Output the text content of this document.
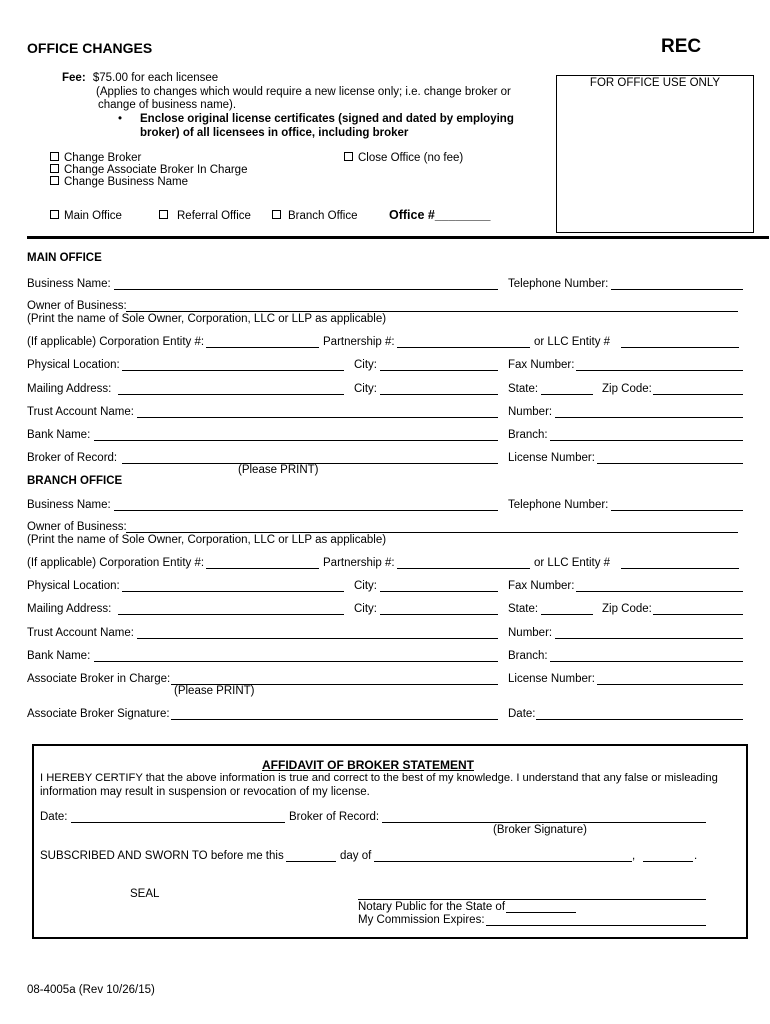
OFFICE CHANGES	REC
Fee: $75.00 for each licensee
(Applies to changes which would require a new license only; i.e. change broker or
change of business name).
• Enclose original license certificates (signed and dated by employing
broker) of all licensees in office, including broker
FOR OFFICE USE ONLY
Change Broker
Change Associate Broker In Charge
Change Business Name
Close Office (no fee)
Main Office	Referral Office	Branch Office	Office #________
MAIN OFFICE
Business Name:	Telephone Number:
Owner of Business:
(Print the name of Sole Owner, Corporation, LLC or LLP as applicable)
(If applicable) Corporation Entity #:	Partnership #:	or LLC Entity #
Physical Location:	City:	Fax Number:
Mailing Address:	City:	State:	Zip Code:
Trust Account Name:	Number:
Bank Name:	Branch:
Broker of Record:	License Number:
(Please PRINT)
BRANCH OFFICE
Business Name:	Telephone Number:
Owner of Business:
(Print the name of Sole Owner, Corporation, LLC or LLP as applicable)
(If applicable) Corporation Entity #:	Partnership #:	or LLC Entity #
Physical Location:	City:	Fax Number:
Mailing Address:	City:	State:	Zip Code:
Trust Account Name:	Number:
Bank Name:	Branch:
Associate Broker in Charge:	License Number:
(Please PRINT)
Associate Broker Signature:	Date:
AFFIDAVIT OF BROKER STATEMENT
I HEREBY CERTIFY that the above information is true and correct to the best of my knowledge. I understand that any false or misleading
information may result in suspension or revocation of my license.
Date:	Broker of Record:
(Broker Signature)
SUBSCRIBED AND SWORN TO before me this	day of	,	.
SEAL
Notary Public for the State of
My Commission Expires:
08-4005a (Rev 10/26/15)
